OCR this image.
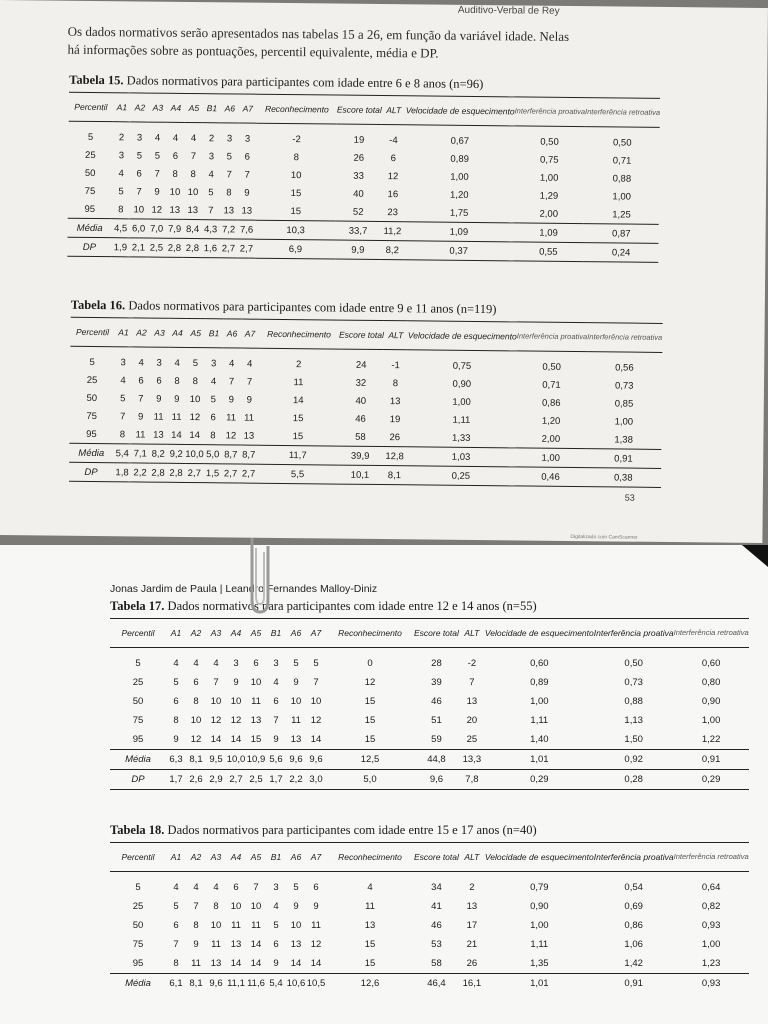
Auditivo-Verbal de Rey
Os dados normativos serão apresentados nas tabelas 15 a 26, em função da variável idade. Nelas
há informações sobre as pontuações, percentil equivalente, média e DP.
Tabela 15. Dados normativos para participantes com idade entre 6 e 8 anos (n=96)
Percentil	A1	A2	A3	A4	A5	B1	A6	A7	Reconhecimento	Escore total	ALT	Velocidade de esquecimento	Interferência proativa	Interferência retroativa
5	2	3	4	4	4	2	3	3	-2	19	-4	0,67	0,50	0,50
25	3	5	5	6	7	3	5	6	8	26	6	0,89	0,75	0,71
50	4	6	7	8	8	4	7	7	10	33	12	1,00	1,00	0,88
75	5	7	9	10	10	5	8	9	15	40	16	1,20	1,29	1,00
95	8	10	12	13	13	7	13	13	15	52	23	1,75	2,00	1,25
Média	4,5	6,0	7,0	7,9	8,4	4,3	7,2	7,6	10,3	33,7	11,2	1,09	1,09	0,87
DP	1,9	2,1	2,5	2,8	2,8	1,6	2,7	2,7	6,9	9,9	8,2	0,37	0,55	0,24
Tabela 16. Dados normativos para participantes com idade entre 9 e 11 anos (n=119)
Percentil	A1	A2	A3	A4	A5	B1	A6	A7	Reconhecimento	Escore total	ALT	Velocidade de esquecimento	Interferência proativa	Interferência retroativa
5	3	4	3	4	5	3	4	4	2	24	-1	0,75	0,50	0,56
25	4	6	6	8	8	4	7	7	11	32	8	0,90	0,71	0,73
50	5	7	9	9	10	5	9	9	14	40	13	1,00	0,86	0,85
75	7	9	11	11	12	6	11	11	15	46	19	1,11	1,20	1,00
95	8	11	13	14	14	8	12	13	15	58	26	1,33	2,00	1,38
Média	5,4	7,1	8,2	9,2	10,0	5,0	8,7	8,7	11,7	39,9	12,8	1,03	1,00	0,91
DP	1,8	2,2	2,8	2,8	2,7	1,5	2,7	2,7	5,5	10,1	8,1	0,25	0,46	0,38
53
Digitalizado com CamScanner
Jonas Jardim de Paula | Leandro Fernandes Malloy-Diniz
Tabela 17. Dados normativos para participantes com idade entre 12 e 14 anos (n=55)
Percentil	A1	A2	A3	A4	A5	B1	A6	A7	Reconhecimento	Escore total	ALT	Velocidade de esquecimento	Interferência proativa	Interferência retroativa
5	4	4	4	3	6	3	5	5	0	28	-2	0,60	0,50	0,60
25	5	6	7	9	10	4	9	7	12	39	7	0,89	0,73	0,80
50	6	8	10	10	11	6	10	10	15	46	13	1,00	0,88	0,90
75	8	10	12	12	13	7	11	12	15	51	20	1,11	1,13	1,00
95	9	12	14	14	15	9	13	14	15	59	25	1,40	1,50	1,22
Média	6,3	8,1	9,5	10,0	10,9	5,6	9,6	9,6	12,5	44,8	13,3	1,01	0,92	0,91
DP	1,7	2,6	2,9	2,7	2,5	1,7	2,2	3,0	5,0	9,6	7,8	0,29	0,28	0,29
Tabela 18. Dados normativos para participantes com idade entre 15 e 17 anos (n=40)
Percentil	A1	A2	A3	A4	A5	B1	A6	A7	Reconhecimento	Escore total	ALT	Velocidade de esquecimento	Interferência proativa	Interferência retroativa
5	4	4	4	6	7	3	5	6	4	34	2	0,79	0,54	0,64
25	5	7	8	10	10	4	9	9	11	41	13	0,90	0,69	0,82
50	6	8	10	11	11	5	10	11	13	46	17	1,00	0,86	0,93
75	7	9	11	13	14	6	13	12	15	53	21	1,11	1,06	1,00
95	8	11	13	14	14	9	14	14	15	58	26	1,35	1,42	1,23
Média	6,1	8,1	9,6	11,1	11,6	5,4	10,6	10,5	12,6	46,4	16,1	1,01	0,91	0,93
